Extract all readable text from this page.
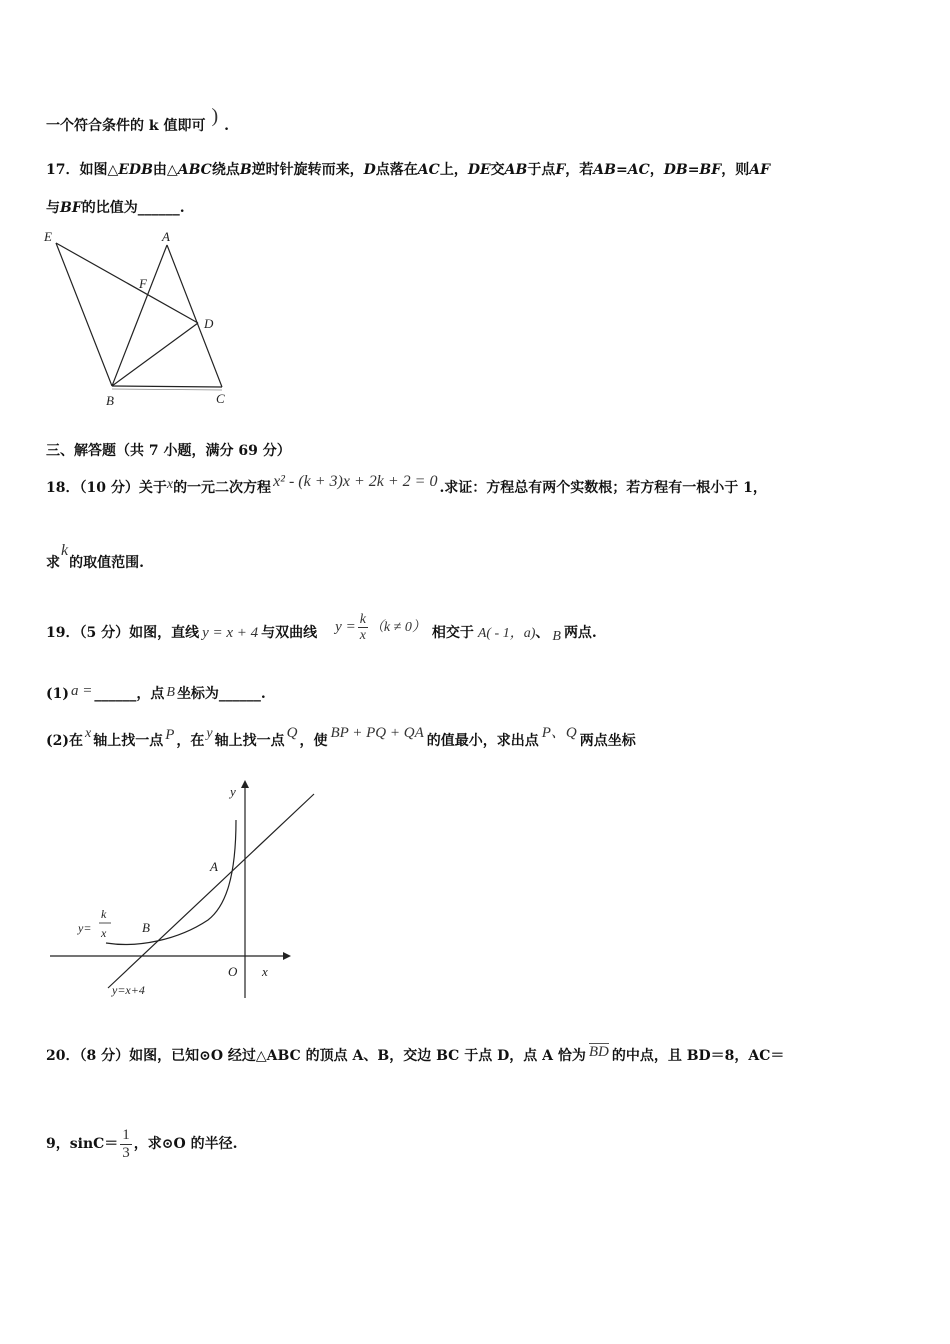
一个符合条件的 k 值即可 ) .
17．如图△EDB由△ABC绕点B逆时针旋转而来，D点落在AC上，DE交AB于点F，若AB=AC，DB=BF，则AF
与BF的比值为______.
E	A
F
D
B	C
三、解答题（共 7 小题，满分 69 分）
18．（10 分）关于x的一元二次方程 x² - (k + 3)x + 2k + 2 = 0 .求证：方程总有两个实数根；若方程有一根小于 1，
求k的取值范围.
19．（5 分）如图，直线 y = x + 4 与双曲线 $y = \frac{k}{x} (k \ne 0)$ 相交于 A( - 1，a)、 B 两点.
(1) a = ______，点 B 坐标为______.
(2)在 x 轴上找一点 P ，在 y 轴上找一点 Q ，使 BP + PQ + QA 的值最小，求出点 P、Q 两点坐标
y
x
O
A
B
y=
k
x
y=x+4
20．（8 分）如图，已知⊙O 经过△ABC 的顶点 A、B，交边 BC 于点 D，点 A 恰为 BD 的中点，且 BD＝8，AC＝
9，$\sin C= \frac{1}{3}$ ，求⊙O 的半径.
